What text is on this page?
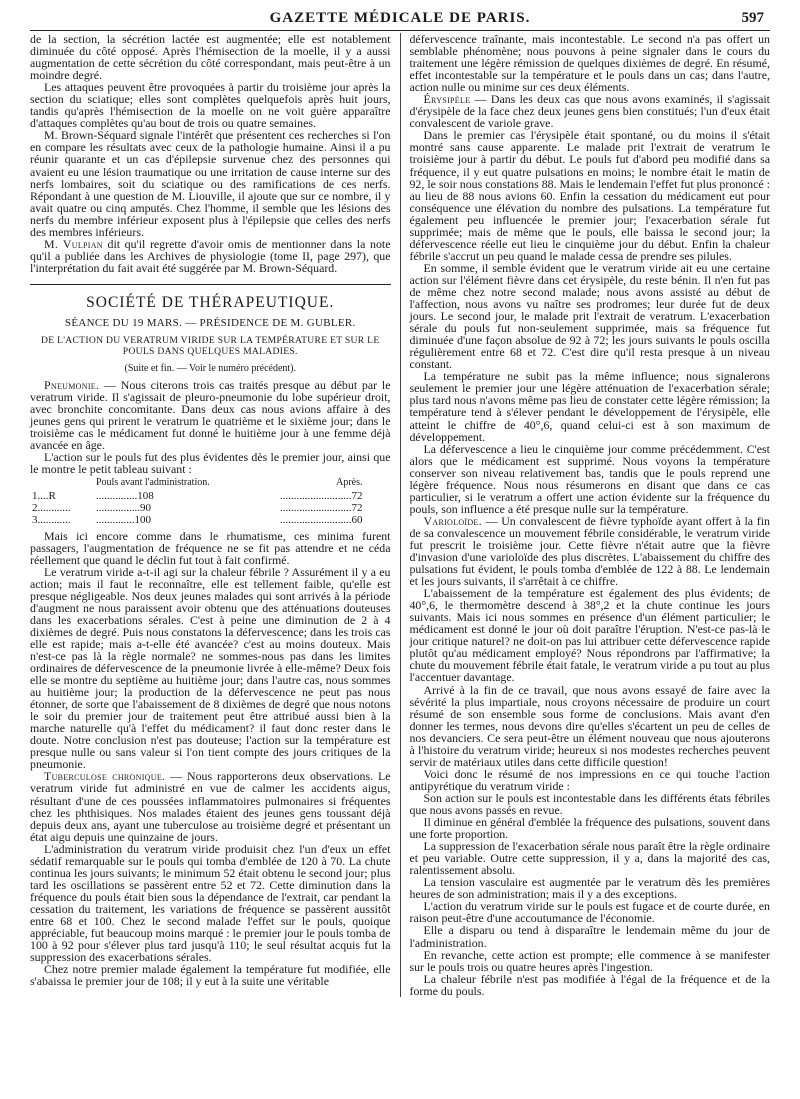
GAZETTE MÉDICALE DE PARIS.	597

de la section, la sécrétion lactée est augmentée; elle est notablement diminuée du côté opposé. Après l'hémisection de la moelle, il y a aussi augmentation de cette sécrétion du côté correspondant, mais peut-être à un moindre degré.

Les attaques peuvent être provoquées à partir du troisième jour après la section du sciatique; elles sont complètes quelquefois après huit jours, tandis qu'après l'hémisection de la moelle on ne voit guère apparaître d'attaques complètes qu'au bout de trois ou quatre semaines.

M. Brown-Séquard signale l'intérêt que présentent ces recherches si l'on en compare les résultats avec ceux de la pathologie humaine. Ainsi il a pu réunir quarante et un cas d'épilepsie survenue chez des personnes qui avaient eu une lésion traumatique ou une irritation de cause interne sur des nerfs lombaires, soit du sciatique ou des ramifications de ces nerfs. Répondant à une question de M. Liouville, il ajoute que sur ce nombre, il y avait quatre ou cinq amputés. Chez l'homme, il semble que les lésions des nerfs du membre inférieur exposent plus à l'épilepsie que celles des nerfs des membres inférieurs.

M. Vulpian dit qu'il regrette d'avoir omis de mentionner dans la note qu'il a publiée dans les Archives de physiologie (tome II, page 297), que l'interprétation du fait avait été suggérée par M. Brown-Séquard.

SOCIÉTÉ DE THÉRAPEUTIQUE.
SÉANCE DU 19 MARS. — PRÉSIDENCE DE M. GUBLER.
DE L'ACTION DU VERATRUM VIRIDE SUR LA TEMPÉRATURE ET SUR LE POULS DANS QUELQUES MALADIES.
(Suite et fin. — Voir le numéro précédent).

Pneumonie. — Nous citerons trois cas traités presque au début par le veratrum viride. Il s'agissait de pleuro-pneumonie du lobe supérieur droit, avec bronchite concomitante. Dans deux cas nous avions affaire à des jeunes gens qui prirent le veratrum le quatrième et le sixième jour; dans le troisième cas le médicament fut donné le huitième jour à une femme déjà avancée en âge.

L'action sur le pouls fut des plus évidentes dès le premier jour, ainsi que le montre le petit tableau suivant :

	Pouls avant l'administration.	Après.
1....R	...............108	..........................72
2............	................90	..........................72
3............	..............100	..........................60

Mais ici encore comme dans le rhumatisme, ces minima furent passagers, l'augmentation de fréquence ne se fit pas attendre et ne céda réellement que quand le déclin fut tout à fait confirmé.

Le veratrum viride a-t-il agi sur la chaleur fébrile ? Assurément il y a eu action; mais il faut le reconnaître, elle est tellement faible, qu'elle est presque négligeable. Nos deux jeunes malades qui sont arrivés à la période d'augment ne nous paraissent avoir obtenu que des atténuations douteuses dans les exacerbations sérales. C'est à peine une diminution de 2 à 4 dixièmes de degré. Puis nous constatons la défervescence; dans les trois cas elle est rapide; mais a-t-elle été avancée? c'est au moins douteux. Mais n'est-ce pas là la règle normale? ne sommes-nous pas dans les limites ordinaires de défervescence de la pneumonie livrée à elle-même? Deux fois elle se montre du septième au huitième jour; dans l'autre cas, nous sommes au huitième jour; la production de la défervescence ne peut pas nous étonner, de sorte que l'abaissement de 8 dixièmes de degré que nous notons le soir du premier jour de traitement peut être attribué aussi bien à la marche naturelle qu'à l'effet du médicament? il faut donc rester dans le doute. Notre conclusion n'est pas douteuse; l'action sur la température est presque nulle ou sans valeur si l'on tient compte des jours critiques de la pneumonie.

Tuberculose chronique. — Nous rapporterons deux observations. Le veratrum viride fut administré en vue de calmer les accidents aigus, résultant d'une de ces poussées inflammatoires pulmonaires si fréquentes chez les phthisiques. Nos malades étaient des jeunes gens toussant déjà depuis deux ans, ayant une tuberculose au troisième degré et présentant un état aigu depuis une quinzaine de jours.

L'administration du veratrum viride produisit chez l'un d'eux un effet sédatif remarquable sur le pouls qui tomba d'emblée de 120 à 70. La chute continua les jours suivants; le minimum 52 était obtenu le second jour; plus tard les oscillations se passèrent entre 52 et 72. Cette diminution dans la fréquence du pouls était bien sous la dépendance de l'extrait, car pendant la cessation du traitement, les variations de fréquence se passèrent aussitôt entre 68 et 100. Chez le second malade l'effet sur le pouls, quoique appréciable, fut beaucoup moins marqué : le premier jour le pouls tomba de 100 à 92 pour s'élever plus tard jusqu'à 110; le seul résultat acquis fut la suppression des exacerbations sérales.

Chez notre premier malade également la température fut modifiée, elle s'abaissa le premier jour de 108; il y eut à la suite une véritable

défervescence traînante, mais incontestable. Le second n'a pas offert un semblable phénomène; nous pouvons à peine signaler dans le cours du traitement une légère rémission de quelques dixièmes de degré. En résumé, effet incontestable sur la température et le pouls dans un cas; dans l'autre, action nulle ou minime sur ces deux éléments.

Érysipèle — Dans les deux cas que nous avons examinés, il s'agissait d'érysipèle de la face chez deux jeunes gens bien constitués; l'un d'eux était convalescent de variole grave.

Dans le premier cas l'érysipèle était spontané, ou du moins il s'était montré sans cause apparente. Le malade prit l'extrait de veratrum le troisième jour à partir du début. Le pouls fut d'abord peu modifié dans sa fréquence, il y eut quatre pulsations en moins; le nombre était le matin de 92, le soir nous constations 88. Mais le lendemain l'effet fut plus prononcé : au lieu de 88 nous avions 60. Enfin la cessation du médicament eut pour conséquence une élévation du nombre des pulsations. La température fut également peu influencée le premier jour; l'exacerbation sérale fut supprimée; mais de même que le pouls, elle baissa le second jour; la défervescence réelle eut lieu le cinquième jour du début. Enfin la chaleur fébrile s'accrut un peu quand le malade cessa de prendre ses pilules.

En somme, il semble évident que le veratrum viride ait eu une certaine action sur l'élément fièvre dans cet érysipèle, du reste bénin. Il n'en fut pas de même chez notre second malade; nous avons assisté au début de l'affection, nous avons vu naître ses prodromes; leur durée fut de deux jours. Le second jour, le malade prit l'extrait de veratrum. L'exacerbation sérale du pouls fut non-seulement supprimée, mais sa fréquence fut diminuée d'une façon absolue de 92 à 72; les jours suivants le pouls oscilla régulièrement entre 68 et 72. C'est dire qu'il resta presque à un niveau constant.

La température ne subit pas la même influence; nous signalerons seulement le premier jour une légère atténuation de l'exacerbation sérale; plus tard nous n'avons même pas lieu de constater cette légère rémission; la température tend à s'élever pendant le développement de l'érysipèle, elle atteint le chiffre de 40°,6, quand celui-ci est à son maximum de développement.

La défervescence a lieu le cinquième jour comme précédemment. C'est alors que le médicament est supprimé. Nous voyons la température conserver son niveau relativement bas, tandis que le pouls reprend une légère fréquence. Nous nous résumerons en disant que dans ce cas particulier, si le veratrum a offert une action évidente sur la fréquence du pouls, son influence a été presque nulle sur la température.

Varioloïde. — Un convalescent de fièvre typhoïde ayant offert à la fin de sa convalescence un mouvement fébrile considérable, le veratrum viride fut prescrit le troisième jour. Cette fièvre n'était autre que la fièvre d'invasion d'une varioloïde des plus discrètes. L'abaissement du chiffre des pulsations fut évident, le pouls tomba d'emblée de 122 à 88. Le lendemain et les jours suivants, il s'arrêtait à ce chiffre.

L'abaissement de la température est également des plus évidents; de 40°,6, le thermomètre descend à 38°,2 et la chute continue les jours suivants. Mais ici nous sommes en présence d'un élément particulier; le médicament est donné le jour où doit paraître l'éruption. N'est-ce pas-là le jour critique naturel? ne doit-on pas lui attribuer cette défervescence rapide plutôt qu'au médicament employé? Nous répondrons par l'affirmative; la chute du mouvement fébrile était fatale, le veratrum viride a pu tout au plus l'accentuer davantage.

Arrivé à la fin de ce travail, que nous avons essayé de faire avec la sévérité la plus impartiale, nous croyons nécessaire de produire un court résumé de son ensemble sous forme de conclusions. Mais avant d'en donner les termes, nous devons dire qu'elles s'écartent un peu de celles de nos devanciers. Ce sera peut-être un élément nouveau que nous ajouterons à l'histoire du veratrum viride; heureux si nos modestes recherches peuvent servir de matériaux utiles dans cette difficile question!

Voici donc le résumé de nos impressions en ce qui touche l'action antipyrétique du veratrum viride :

Son action sur le pouls est incontestable dans les différents états fébriles que nous avons passés en revue.

Il diminue en général d'emblée la fréquence des pulsations, souvent dans une forte proportion.

La suppression de l'exacerbation sérale nous paraît être la règle ordinaire et peu variable. Outre cette suppression, il y a, dans la majorité des cas, ralentissement absolu.

La tension vasculaire est augmentée par le veratrum dès les premières heures de son administration; mais il y a des exceptions.

L'action du veratrum viride sur le pouls est fugace et de courte durée, en raison peut-être d'une accoutumance de l'économie.

Elle a disparu ou tend à disparaître le lendemain même du jour de l'administration.

En revanche, cette action est prompte; elle commence à se manifester sur le pouls trois ou quatre heures après l'ingestion.

La chaleur fébrile n'est pas modifiée à l'égal de la fréquence et de la forme du pouls.
